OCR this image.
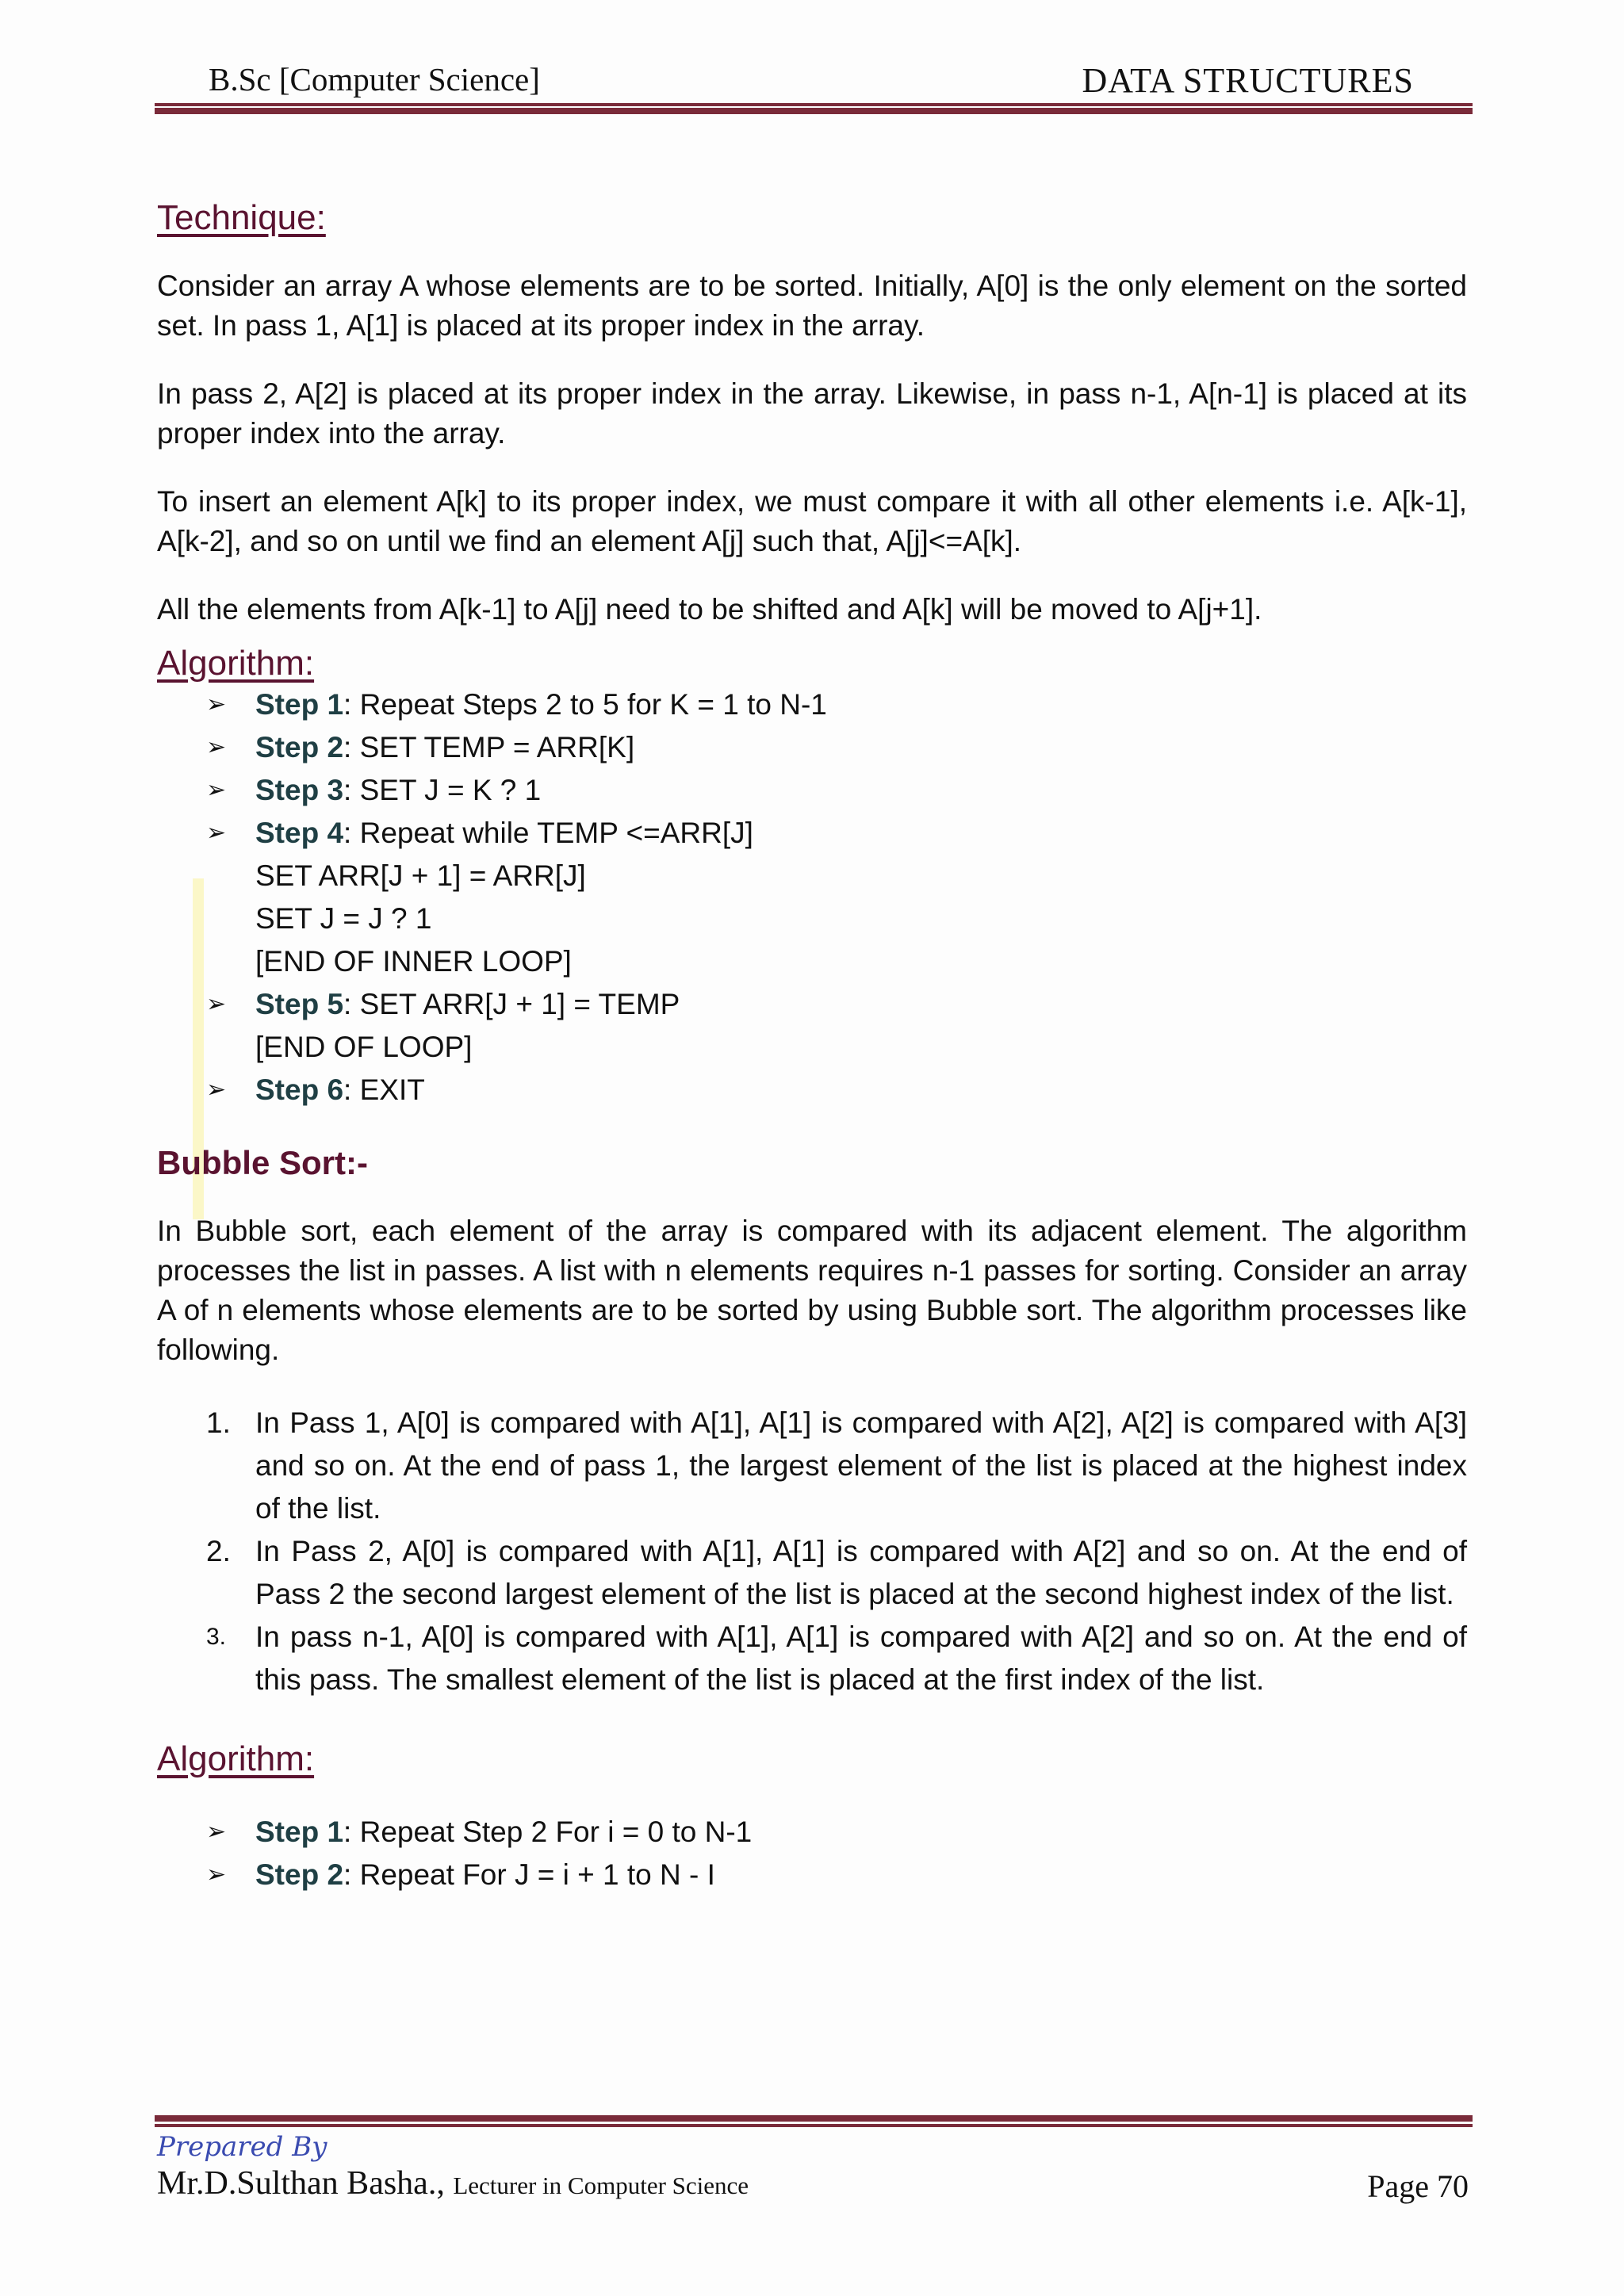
B.Sc [Computer Science]	DATA STRUCTURES
Technique:

Consider an array A whose elements are to be sorted. Initially, A[0] is the only element on the sorted set. In pass 1, A[1] is placed at its proper index in the array.

In pass 2, A[2] is placed at its proper index in the array. Likewise, in pass n-1, A[n-1] is placed at its proper index into the array.

To insert an element A[k] to its proper index, we must compare it with all other elements i.e. A[k-1], A[k-2], and so on until we find an element A[j] such that, A[j]<=A[k].

All the elements from A[k-1] to A[j] need to be shifted and A[k] will be moved to A[j+1].

Algorithm:
➢ Step 1: Repeat Steps 2 to 5 for K = 1 to N-1
➢ Step 2: SET TEMP = ARR[K]
➢ Step 3: SET J = K ? 1
➢ Step 4: Repeat while TEMP <=ARR[J]
SET ARR[J + 1] = ARR[J]
SET J = J ? 1
[END OF INNER LOOP]
➢ Step 5: SET ARR[J + 1] = TEMP
[END OF LOOP]
➢ Step 6: EXIT
Bubble Sort:-

In Bubble sort, each element of the array is compared with its adjacent element. The algorithm processes the list in passes. A list with n elements requires n-1 passes for sorting. Consider an array A of n elements whose elements are to be sorted by using Bubble sort. The algorithm processes like following.

1. In Pass 1, A[0] is compared with A[1], A[1] is compared with A[2], A[2] is compared with A[3] and so on. At the end of pass 1, the largest element of the list is placed at the highest index of the list.
2. In Pass 2, A[0] is compared with A[1], A[1] is compared with A[2] and so on. At the end of Pass 2 the second largest element of the list is placed at the second highest index of the list.
3. In pass n-1, A[0] is compared with A[1], A[1] is compared with A[2] and so on. At the end of this pass. The smallest element of the list is placed at the first index of the list.
Algorithm:
➢ Step 1: Repeat Step 2 For i = 0 to N-1
➢ Step 2: Repeat For J = i + 1 to N - I
Prepared By
Mr.D.Sulthan Basha., Lecturer in Computer Science	Page 70
